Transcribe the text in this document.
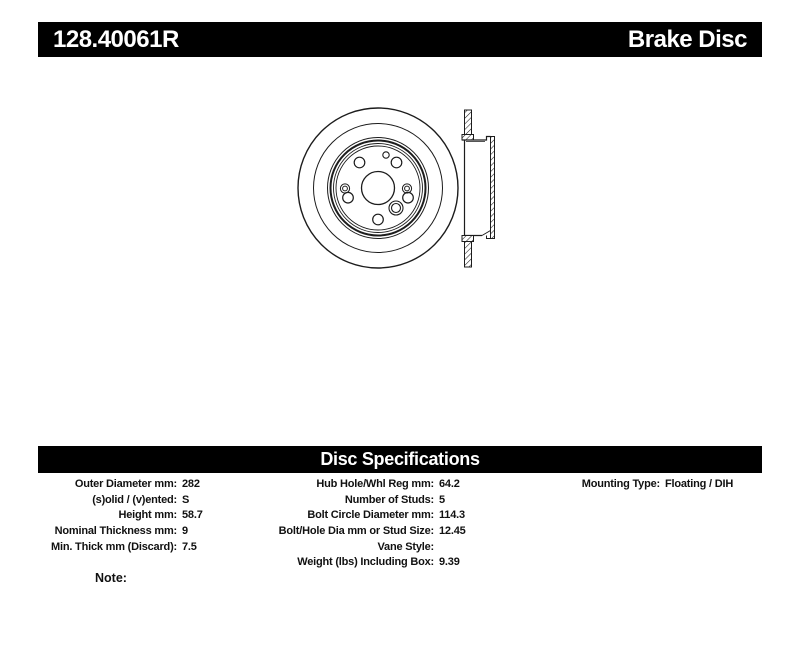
128.40061R	Brake Disc
Disc Specifications
Outer Diameter mm: 282
(s)olid / (v)ented: S
Height mm: 58.7
Nominal Thickness mm: 9
Min. Thick mm (Discard): 7.5
Hub Hole/Whl Reg mm: 64.2
Number of Studs: 5
Bolt Circle Diameter mm: 114.3
Bolt/Hole Dia mm or Stud Size: 12.45
Vane Style:
Weight (lbs) Including Box: 9.39
Mounting Type: Floating / DIH
Note:
